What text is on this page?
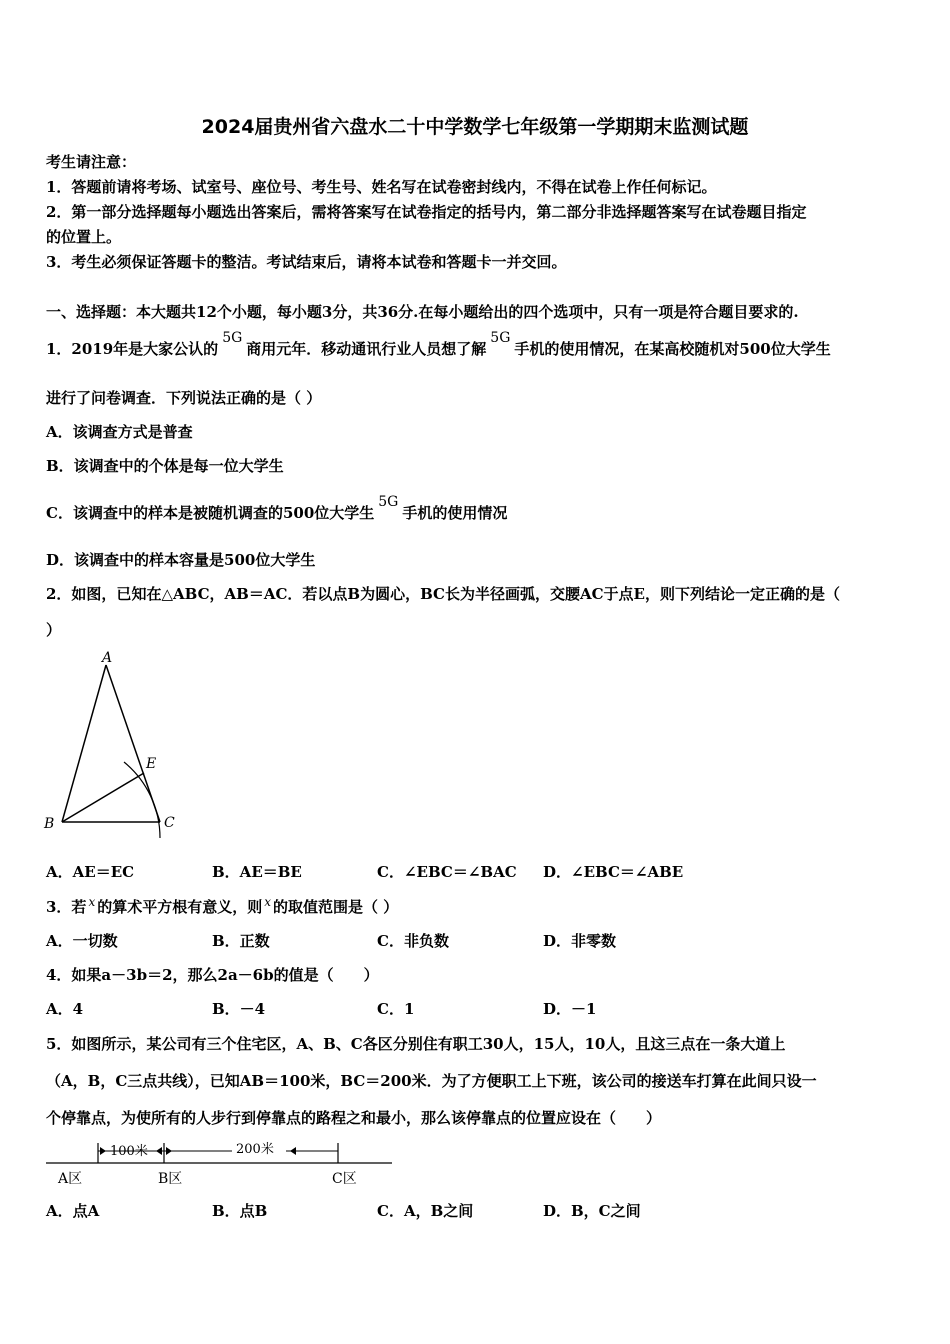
2024届贵州省六盘水二十中学数学七年级第一学期期末监测试题
考生请注意：
1．答题前请将考场、试室号、座位号、考生号、姓名写在试卷密封线内，不得在试卷上作任何标记。
2．第一部分选择题每小题选出答案后，需将答案写在试卷指定的括号内，第二部分非选择题答案写在试卷题目指定
的位置上。
3．考生必须保证答题卡的整洁。考试结束后，请将本试卷和答题卡一并交回。
一、选择题：本大题共12个小题，每小题3分，共36分.在每小题给出的四个选项中，只有一项是符合题目要求的.
1．2019年是大家公认的5G商用元年．移动通讯行业人员想了解5G手机的使用情况，在某高校随机对500位大学生
进行了问卷调查．下列说法正确的是（ ）
A．该调查方式是普查
B．该调查中的个体是每一位大学生
C．该调查中的样本是被随机调查的500位大学生5G手机的使用情况
D．该调查中的样本容量是500位大学生
2．如图，已知在△ABC，AB＝AC．若以点B为圆心，BC长为半径画弧，交腰AC于点E，则下列结论一定正确的是（
）
A
B	C
E
A．AE＝EC	B．AE＝BE	C．∠EBC＝∠BAC D．∠EBC＝∠ABE
3．若 $^x$ 的算术平方根有意义，则 $^x$ 的取值范围是（ ）
A．一切数	B．正数	C．非负数	D．非零数
4．如果a－3b＝2，那么2a－6b的值是（　　）
A．4	B．－4	C．1	D．－1
5．如图所示，某公司有三个住宅区，A、B、C各区分别住有职工30人，15人，10人，且这三点在一条大道上
（A，B，C三点共线），已知AB＝100米，BC＝200米．为了方便职工上下班，该公司的接送车打算在此间只设一
个停靠点，为使所有的人步行到停靠点的路程之和最小，那么该停靠点的位置应设在（　　）
100米	200米
A区	B区	C区
A．点A	B．点B	C．A，B之间	D．B，C之间
